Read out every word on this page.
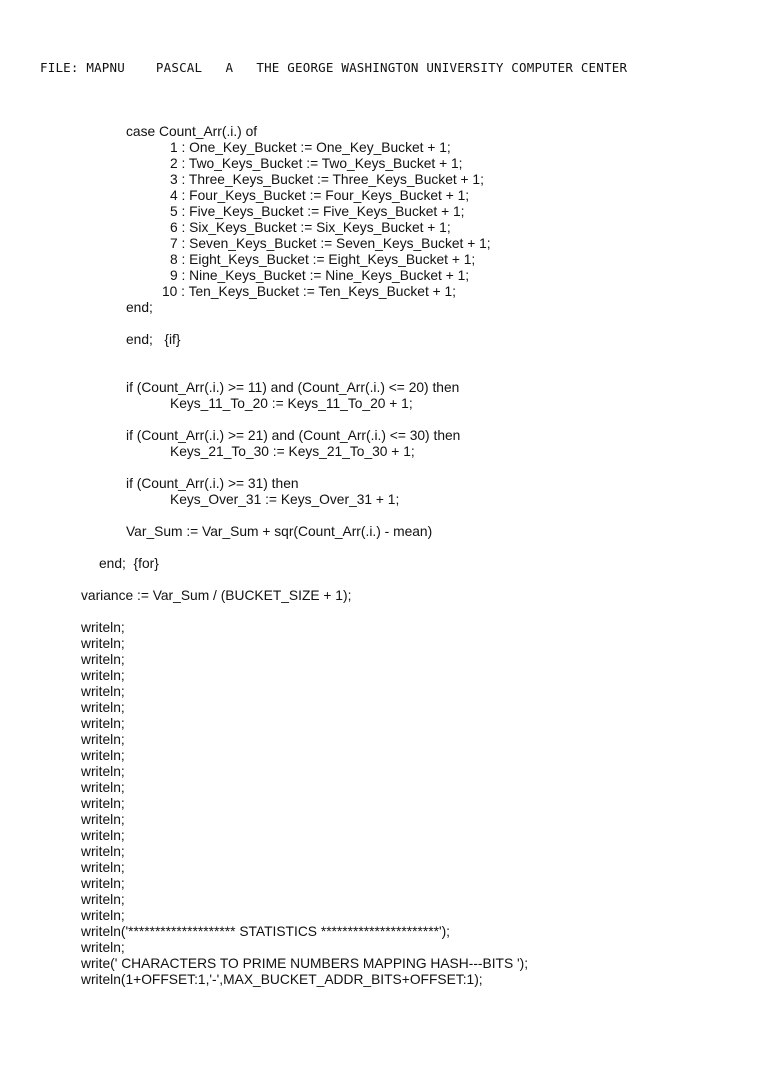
FILE: MAPNU PASCAL A THE GEORGE WASHINGTON UNIVERSITY COMPUTER CENTER
case Count_Arr(.i.) of
1 : One_Key_Bucket := One_Key_Bucket + 1;
2 : Two_Keys_Bucket := Two_Keys_Bucket + 1;
3 : Three_Keys_Bucket := Three_Keys_Bucket + 1;
4 : Four_Keys_Bucket := Four_Keys_Bucket + 1;
5 : Five_Keys_Bucket := Five_Keys_Bucket + 1;
6 : Six_Keys_Bucket := Six_Keys_Bucket + 1;
7 : Seven_Keys_Bucket := Seven_Keys_Bucket + 1;
8 : Eight_Keys_Bucket := Eight_Keys_Bucket + 1;
9 : Nine_Keys_Bucket := Nine_Keys_Bucket + 1;
10 : Ten_Keys_Bucket := Ten_Keys_Bucket + 1;
end;
end;   {if}
if (Count_Arr(.i.) >= 11) and (Count_Arr(.i.) <= 20) then
Keys_11_To_20 := Keys_11_To_20 + 1;
if (Count_Arr(.i.) >= 21) and (Count_Arr(.i.) <= 30) then
Keys_21_To_30 := Keys_21_To_30 + 1;
if (Count_Arr(.i.) >= 31) then
Keys_Over_31 := Keys_Over_31 + 1;
Var_Sum := Var_Sum + sqr(Count_Arr(.i.) - mean)
end;  {for}
variance := Var_Sum / (BUCKET_SIZE + 1);
writeln;
writeln;
writeln;
writeln;
writeln;
writeln;
writeln;
writeln;
writeln;
writeln;
writeln;
writeln;
writeln;
writeln;
writeln;
writeln;
writeln;
writeln;
writeln;
writeln('******************** STATISTICS **********************');
writeln;
write(' CHARACTERS TO PRIME NUMBERS MAPPING HASH---BITS ');
writeln(1+OFFSET:1,'-',MAX_BUCKET_ADDR_BITS+OFFSET:1);
